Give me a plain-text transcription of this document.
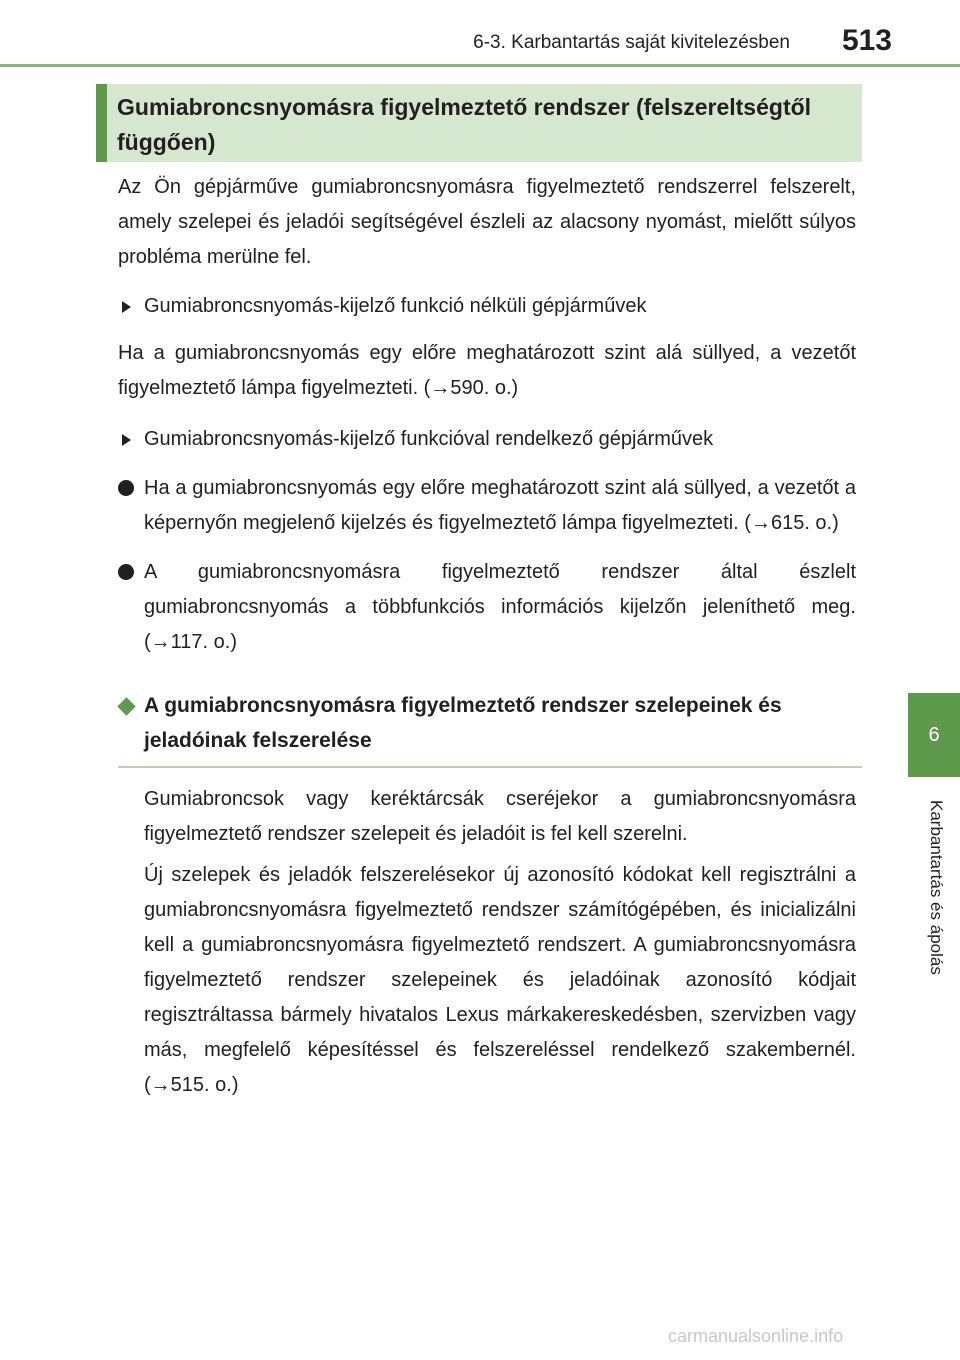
6-3. Karbantartás saját kivitelezésben 513
6
Karbantartás és ápolás
Gumiabroncsnyomásra figyelmeztető rendszer (felszereltségtől függően)

Az Ön gépjárműve gumiabroncsnyomásra figyelmeztető rendszerrel felszerelt, amely szelepei és jeladói segítségével észleli az alacsony nyomást, mielőtt súlyos probléma merülne fel.

Gumiabroncsnyomás-kijelző funkció nélküli gépjárművek

Ha a gumiabroncsnyomás egy előre meghatározott szint alá süllyed, a vezetőt figyelmeztető lámpa figyelmezteti. (→590. o.)

Gumiabroncsnyomás-kijelző funkcióval rendelkező gépjárművek

Ha a gumiabroncsnyomás egy előre meghatározott szint alá süllyed, a vezetőt a képernyőn megjelenő kijelzés és figyelmeztető lámpa figyelmezteti. (→615. o.)

A gumiabroncsnyomásra figyelmeztető rendszer által észlelt gumiabroncsnyomás a többfunkciós információs kijelzőn jeleníthető meg. (→117. o.)

A gumiabroncsnyomásra figyelmeztető rendszer szelepeinek és jeladóinak felszerelése

Gumiabroncsok vagy keréktárcsák cseréjekor a gumiabroncsnyomásra figyelmeztető rendszer szelepeit és jeladóit is fel kell szerelni.

Új szelepek és jeladók felszerelésekor új azonosító kódokat kell regisztrálni a gumiabroncsnyomásra figyelmeztető rendszer számítógépében, és inicializálni kell a gumiabroncsnyomásra figyelmeztető rendszert. A gumiabroncsnyomásra figyelmeztető rendszer szelepeinek és jeladóinak azonosító kódjait regisztráltassa bármely hivatalos Lexus márkakereskedésben, szervizben vagy más, megfelelő képesítéssel és felszereléssel rendelkező szakembernél. (→515. o.)

carmanualsonline.info
